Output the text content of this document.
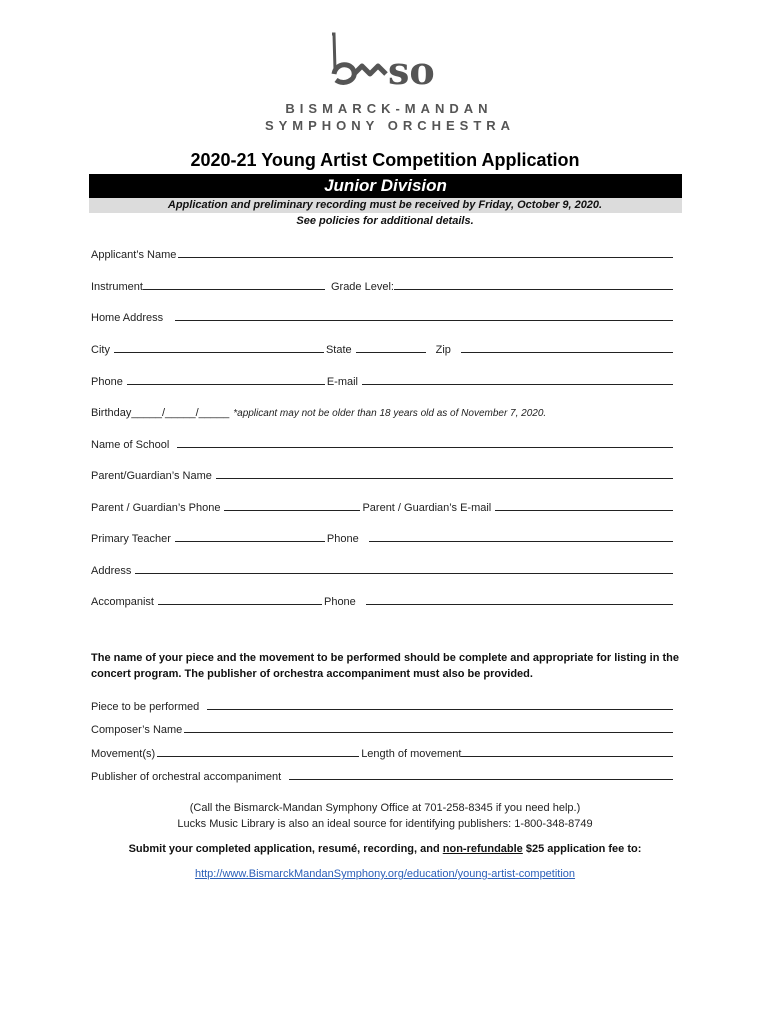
so
BISMARCK-MANDAN
SYMPHONY ORCHESTRA
2020-21 Young Artist Competition Application
Junior Division
Application and preliminary recording must be received by Friday, October 9, 2020.
See policies for additional details.
Applicant’s Name
Instrument	Grade Level:
Home Address
City	State	Zip
Phone	E-mail
Birthday_____/_____/_____ *applicant may not be older than 18 years old as of November 7, 2020.
Name of School
Parent/Guardian’s Name
Parent / Guardian’s Phone	Parent / Guardian’s E-mail
Primary Teacher	Phone
Address
Accompanist	Phone
The name of your piece and the movement to be performed should be complete and appropriate for listing in the concert program. The publisher of orchestra accompaniment must also be provided.
Piece to be performed
Composer’s Name
Movement(s)	Length of movement
Publisher of orchestral accompaniment
(Call the Bismarck-Mandan Symphony Office at 701-258-8345 if you need help.)
Lucks Music Library is also an ideal source for identifying publishers: 1-800-348-8749
Submit your completed application, resumé, recording, and non-refundable $25 application fee to:
http://www.BismarckMandanSymphony.org/education/young-artist-competition
